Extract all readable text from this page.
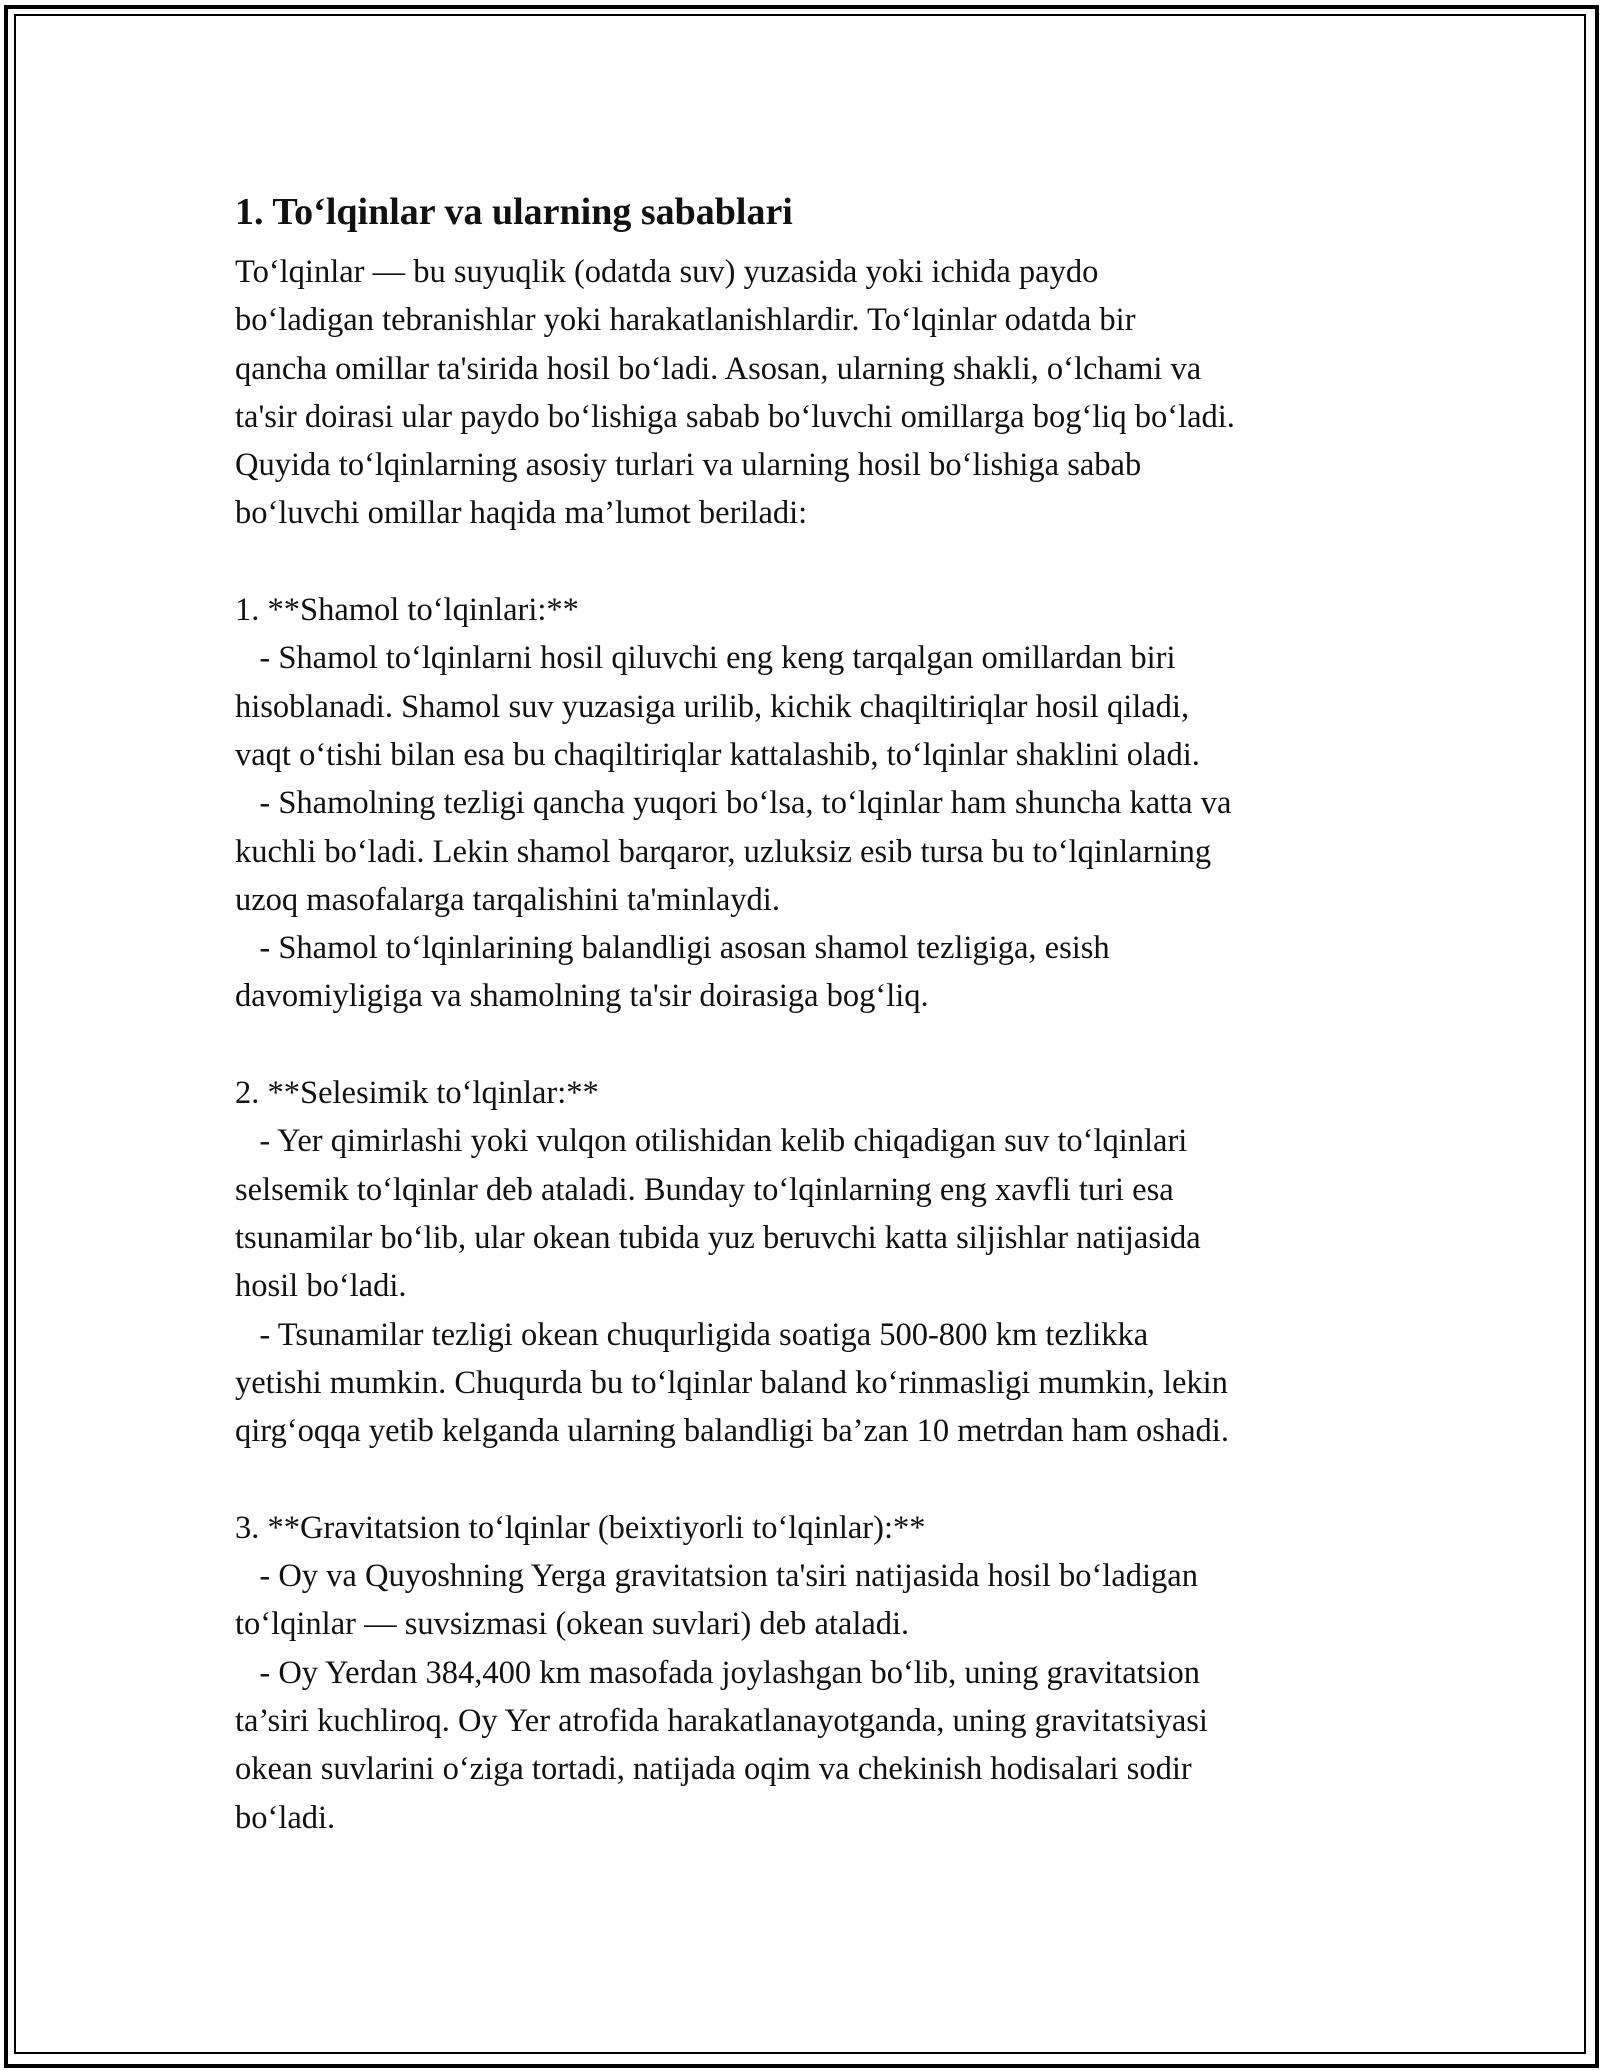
1. To‘lqinlar va ularning sabablari

To‘lqinlar — bu suyuqlik (odatda suv) yuzasida yoki ichida paydo
bo‘ladigan tebranishlar yoki harakatlanishlardir. To‘lqinlar odatda bir
qancha omillar ta'sirida hosil bo‘ladi. Asosan, ularning shakli, o‘lchami va
ta'sir doirasi ular paydo bo‘lishiga sabab bo‘luvchi omillarga bog‘liq bo‘ladi.
Quyida to‘lqinlarning asosiy turlari va ularning hosil bo‘lishiga sabab
bo‘luvchi omillar haqida ma’lumot beriladi:

1. **Shamol to‘lqinlari:**

- Shamol to‘lqinlarni hosil qiluvchi eng keng tarqalgan omillardan biri
hisoblanadi. Shamol suv yuzasiga urilib, kichik chaqiltiriqlar hosil qiladi,
vaqt o‘tishi bilan esa bu chaqiltiriqlar kattalashib, to‘lqinlar shaklini oladi.
- Shamolning tezligi qancha yuqori bo‘lsa, to‘lqinlar ham shuncha katta va
kuchli bo‘ladi. Lekin shamol barqaror, uzluksiz esib tursa bu to‘lqinlarning
uzoq masofalarga tarqalishini ta'minlaydi.
- Shamol to‘lqinlarining balandligi asosan shamol tezligiga, esish
davomiyligiga va shamolning ta'sir doirasiga bog‘liq.

2. **Selesimik to‘lqinlar:**

- Yer qimirlashi yoki vulqon otilishidan kelib chiqadigan suv to‘lqinlari
selsemik to‘lqinlar deb ataladi. Bunday to‘lqinlarning eng xavfli turi esa
tsunamilar bo‘lib, ular okean tubida yuz beruvchi katta siljishlar natijasida
hosil bo‘ladi.
- Tsunamilar tezligi okean chuqurligida soatiga 500-800 km tezlikka
yetishi mumkin. Chuqurda bu to‘lqinlar baland ko‘rinmasligi mumkin, lekin
qirg‘oqqa yetib kelganda ularning balandligi ba’zan 10 metrdan ham oshadi.

3. **Gravitatsion to‘lqinlar (beixtiyorli to‘lqinlar):**

- Oy va Quyoshning Yerga gravitatsion ta'siri natijasida hosil bo‘ladigan
to‘lqinlar — suvsizmasi (okean suvlari) deb ataladi.
- Oy Yerdan 384,400 km masofada joylashgan bo‘lib, uning gravitatsion
ta’siri kuchliroq. Oy Yer atrofida harakatlanayotganda, uning gravitatsiyasi
okean suvlarini o‘ziga tortadi, natijada oqim va chekinish hodisalari sodir
bo‘ladi.
